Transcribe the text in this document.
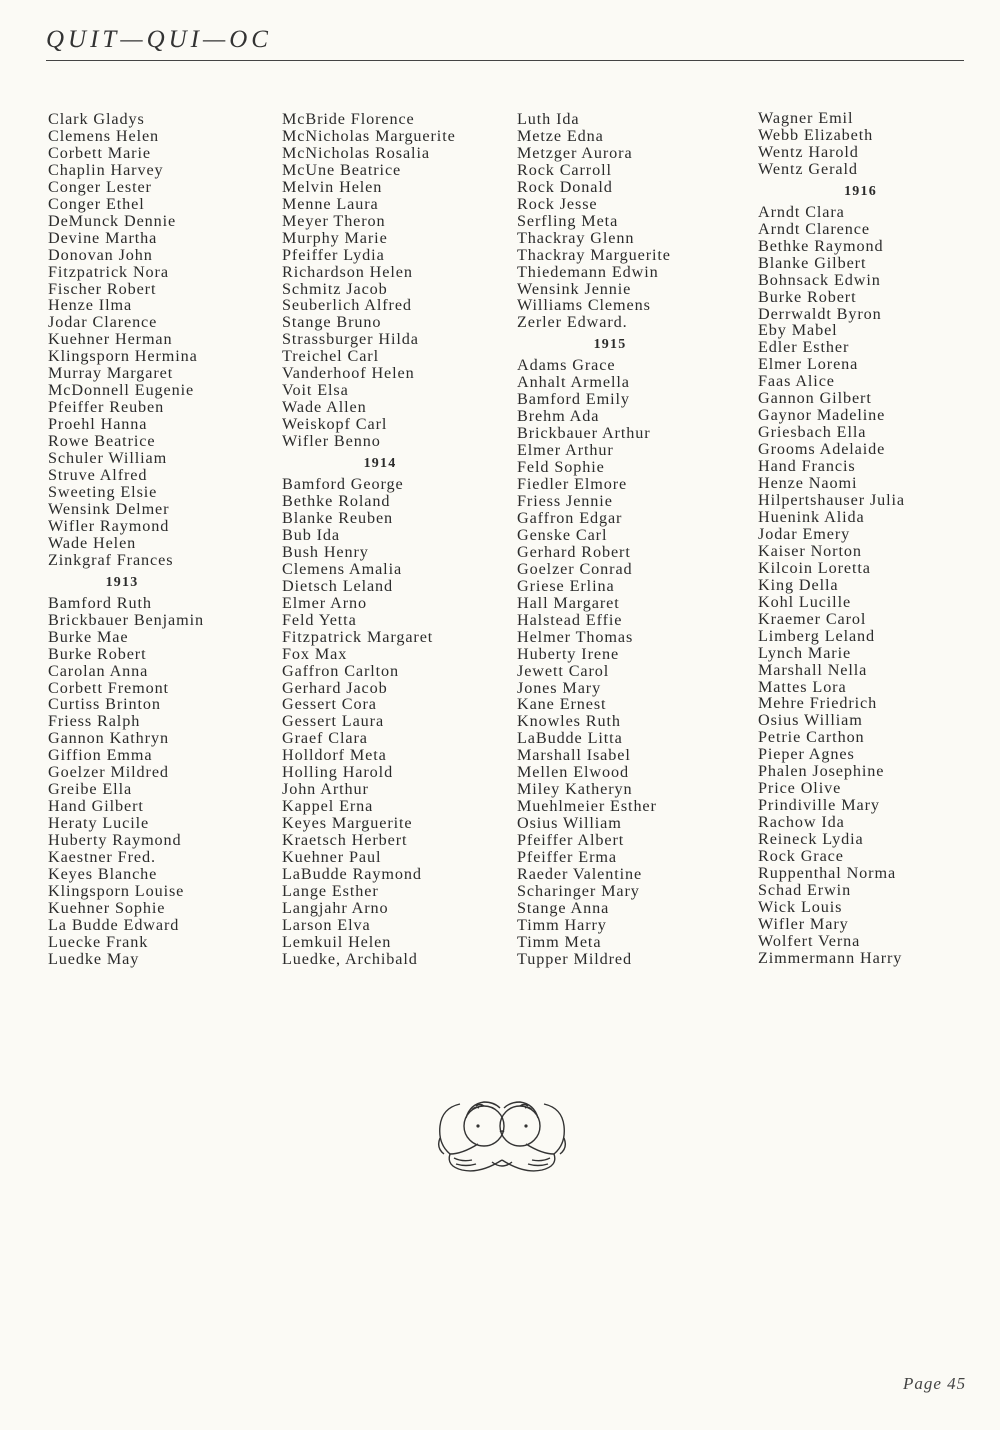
QUIT—QUI—OC
Clark Gladys
Clemens Helen
Corbett Marie
Chaplin Harvey
Conger Lester
Conger Ethel
DeMunck Dennie
Devine Martha
Donovan John
Fitzpatrick Nora
Fischer Robert
Henze Ilma
Jodar Clarence
Kuehner Herman
Klingsporn Hermina
Murray Margaret
McDonnell Eugenie
Pfeiffer Reuben
Proehl Hanna
Rowe Beatrice
Schuler William
Struve Alfred
Sweeting Elsie
Wensink Delmer
Wifler Raymond
Wade Helen
Zinkgraf Frances
1913
Bamford Ruth
Brickbauer Benjamin
Burke Mae
Burke Robert
Carolan Anna
Corbett Fremont
Curtiss Brinton
Friess Ralph
Gannon Kathryn
Giffion Emma
Goelzer Mildred
Greibe Ella
Hand Gilbert
Heraty Lucile
Huberty Raymond
Kaestner Fred.
Keyes Blanche
Klingsporn Louise
Kuehner Sophie
La Budde Edward
Luecke Frank
Luedke May
McBride Florence
McNicholas Marguerite
McNicholas Rosalia
McUne Beatrice
Melvin Helen
Menne Laura
Meyer Theron
Murphy Marie
Pfeiffer Lydia
Richardson Helen
Schmitz Jacob
Seuberlich Alfred
Stange Bruno
Strassburger Hilda
Treichel Carl
Vanderhoof Helen
Voit Elsa
Wade Allen
Weiskopf Carl
Wifler Benno
1914
Bamford George
Bethke Roland
Blanke Reuben
Bub Ida
Bush Henry
Clemens Amalia
Dietsch Leland
Elmer Arno
Feld Yetta
Fitzpatrick Margaret
Fox Max
Gaffron Carlton
Gerhard Jacob
Gessert Cora
Gessert Laura
Graef Clara
Holldorf Meta
Holling Harold
John Arthur
Kappel Erna
Keyes Marguerite
Kraetsch Herbert
Kuehner Paul
LaBudde Raymond
Lange Esther
Langjahr Arno
Larson Elva
Lemkuil Helen
Luedke, Archibald
Luth Ida
Metze Edna
Metzger Aurora
Rock Carroll
Rock Donald
Rock Jesse
Serfling Meta
Thackray Glenn
Thackray Marguerite
Thiedemann Edwin
Wensink Jennie
Williams Clemens
Zerler Edward.
1915
Adams Grace
Anhalt Armella
Bamford Emily
Brehm Ada
Brickbauer Arthur
Elmer Arthur
Feld Sophie
Fiedler Elmore
Friess Jennie
Gaffron Edgar
Genske Carl
Gerhard Robert
Goelzer Conrad
Griese Erlina
Hall Margaret
Halstead Effie
Helmer Thomas
Huberty Irene
Jewett Carol
Jones Mary
Kane Ernest
Knowles Ruth
LaBudde Litta
Marshall Isabel
Mellen Elwood
Miley Katheryn
Muehlmeier Esther
Osius William
Pfeiffer Albert
Pfeiffer Erma
Raeder Valentine
Scharinger Mary
Stange Anna
Timm Harry
Timm Meta
Tupper Mildred
Wagner Emil
Webb Elizabeth
Wentz Harold
Wentz Gerald
1916
Arndt Clara
Arndt Clarence
Bethke Raymond
Blanke Gilbert
Bohnsack Edwin
Burke Robert
Derrwaldt Byron
Eby Mabel
Edler Esther
Elmer Lorena
Faas Alice
Gannon Gilbert
Gaynor Madeline
Griesbach Ella
Grooms Adelaide
Hand Francis
Henze Naomi
Hilpertshauser Julia
Huenink Alida
Jodar Emery
Kaiser Norton
Kilcoin Loretta
King Della
Kohl Lucille
Kraemer Carol
Limberg Leland
Lynch Marie
Marshall Nella
Mattes Lora
Mehre Friedrich
Osius William
Petrie Carthon
Pieper Agnes
Phalen Josephine
Price Olive
Prindiville Mary
Rachow Ida
Reineck Lydia
Rock Grace
Ruppenthal Norma
Schad Erwin
Wick Louis
Wifler Mary
Wolfert Verna
Zimmermann Harry
Page 45
